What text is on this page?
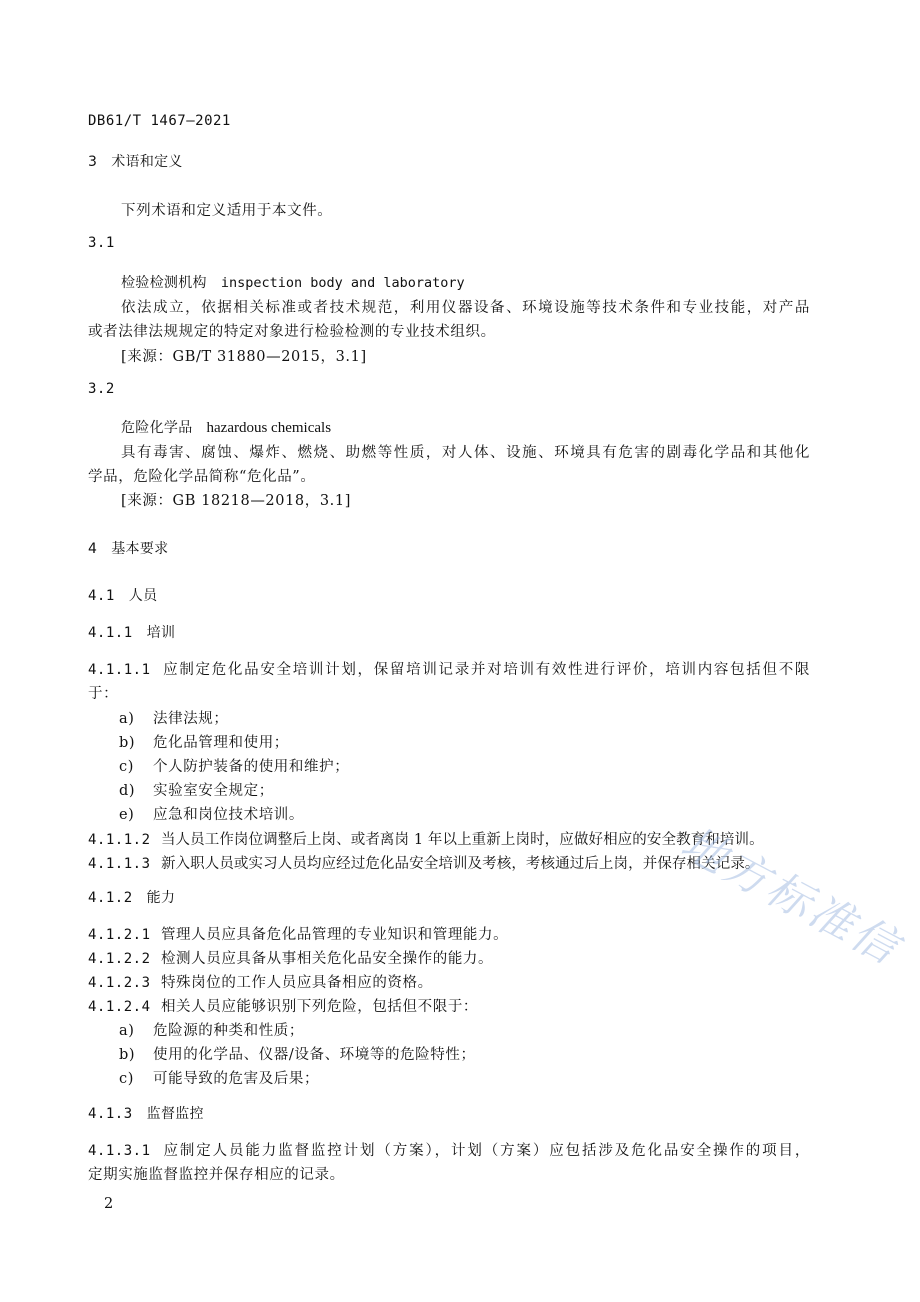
DB61/T 1467—2021
3 术语和定义
下列术语和定义适用于本文件。
3.1
检验检测机构 inspection body and laboratory
依法成立，依据相关标准或者技术规范，利用仪器设备、环境设施等技术条件和专业技能，对产品
或者法律法规规定的特定对象进行检验检测的专业技术组织。
[来源：GB/T 31880—2015，3.1]
3.2
危险化学品 hazardous chemicals
具有毒害、腐蚀、爆炸、燃烧、助燃等性质，对人体、设施、环境具有危害的剧毒化学品和其他化
学品，危险化学品简称“危化品”。
[来源：GB 18218—2018，3.1]
4 基本要求
4.1 人员
4.1.1 培训
4.1.1.1 应制定危化品安全培训计划，保留培训记录并对培训有效性进行评价，培训内容包括但不限
于：
a) 法律法规；
b) 危化品管理和使用；
c) 个人防护装备的使用和维护；
d) 实验室安全规定；
e) 应急和岗位技术培训。
4.1.1.2 当人员工作岗位调整后上岗、或者离岗 1 年以上重新上岗时，应做好相应的安全教育和培训。
4.1.1.3 新入职人员或实习人员均应经过危化品安全培训及考核，考核通过后上岗，并保存相关记录。
4.1.2 能力
4.1.2.1 管理人员应具备危化品管理的专业知识和管理能力。
4.1.2.2 检测人员应具备从事相关危化品安全操作的能力。
4.1.2.3 特殊岗位的工作人员应具备相应的资格。
4.1.2.4 相关人员应能够识别下列危险，包括但不限于：
a) 危险源的种类和性质；
b) 使用的化学品、仪器/设备、环境等的危险特性；
c) 可能导致的危害及后果；
4.1.3 监督监控
4.1.3.1 应制定人员能力监督监控计划（方案），计划（方案）应包括涉及危化品安全操作的项目，
定期实施监督监控并保存相应的记录。
2
地方标准信
